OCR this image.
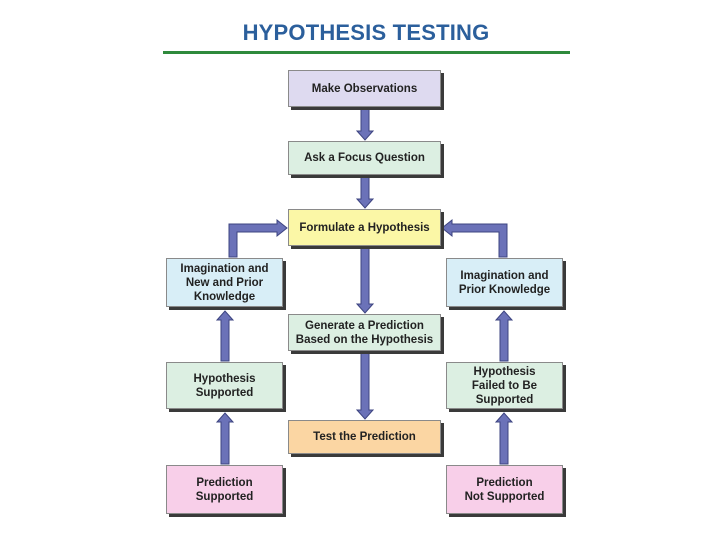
HYPOTHESIS TESTING
Make Observations
Ask a Focus Question
Formulate a Hypothesis
Imagination and
New and Prior
Knowledge
Imagination and
Prior Knowledge
Generate a Prediction
Based on the Hypothesis
Hypothesis
Supported
Hypothesis
Failed to Be
Supported
Test the Prediction
Prediction
Supported
Prediction
Not Supported
